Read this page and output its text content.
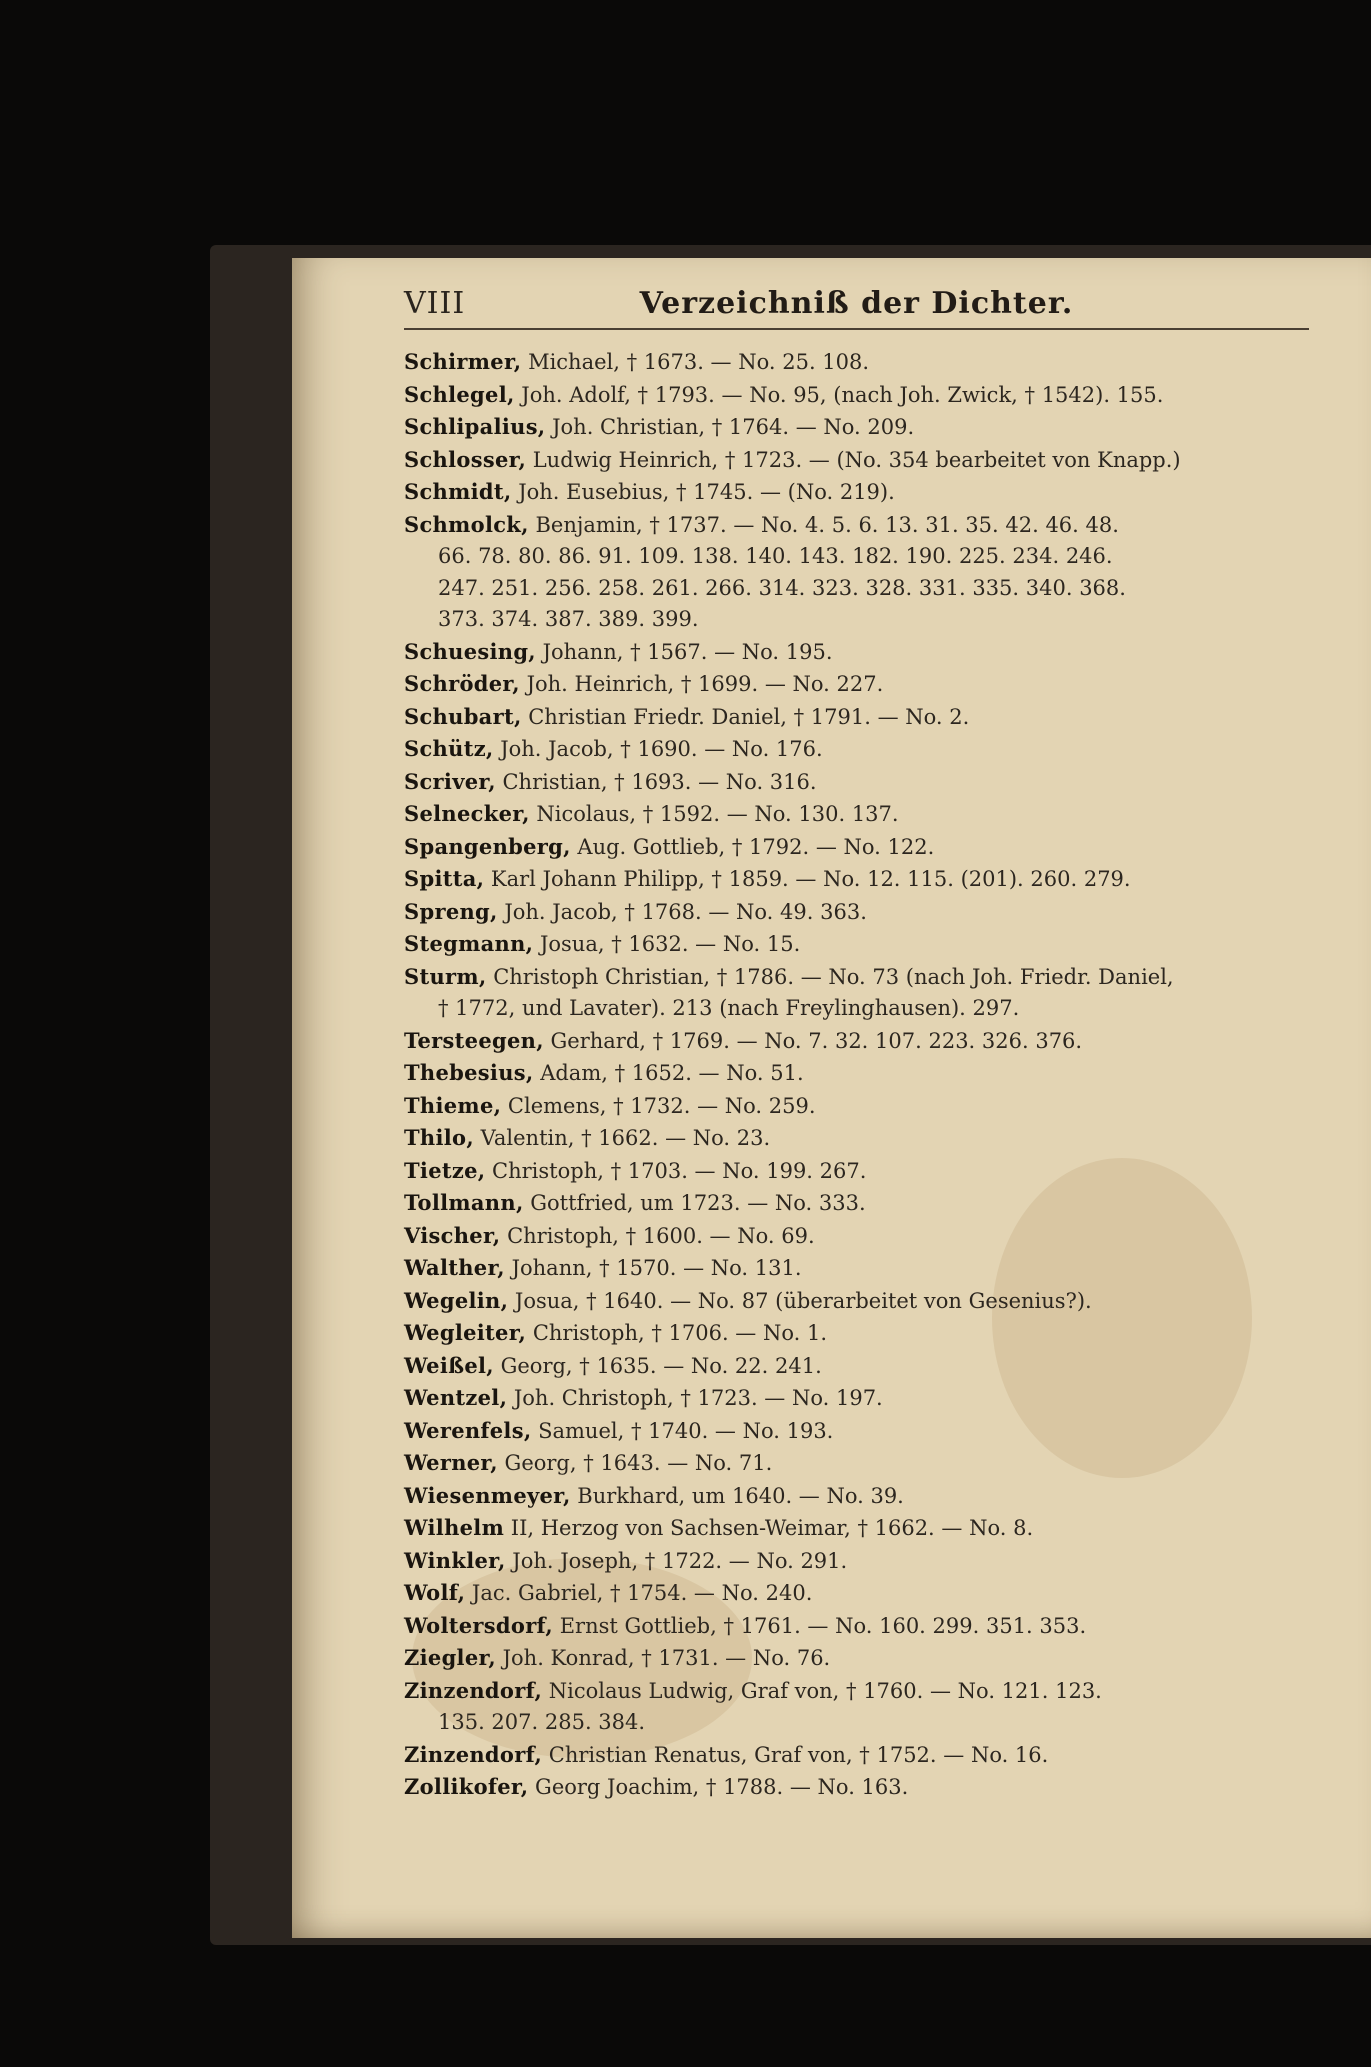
VIII	Verzeichniß der Dichter.
Schirmer, Michael, † 1673. — No. 25. 108.
Schlegel, Joh. Adolf, † 1793. — No. 95, (nach Joh. Zwick, † 1542). 155.
Schlipalius, Joh. Christian, † 1764. — No. 209.
Schlosser, Ludwig Heinrich, † 1723. — (No. 354 bearbeitet von Knapp.)
Schmidt, Joh. Eusebius, † 1745. — (No. 219).
Schmolck, Benjamin, † 1737. — No. 4. 5. 6. 13. 31. 35. 42. 46. 48.
66. 78. 80. 86. 91. 109. 138. 140. 143. 182. 190. 225. 234. 246.
247. 251. 256. 258. 261. 266. 314. 323. 328. 331. 335. 340. 368.
373. 374. 387. 389. 399.
Schuesing, Johann, † 1567. — No. 195.
Schröder, Joh. Heinrich, † 1699. — No. 227.
Schubart, Christian Friedr. Daniel, † 1791. — No. 2.
Schütz, Joh. Jacob, † 1690. — No. 176.
Scriver, Christian, † 1693. — No. 316.
Selnecker, Nicolaus, † 1592. — No. 130. 137.
Spangenberg, Aug. Gottlieb, † 1792. — No. 122.
Spitta, Karl Johann Philipp, † 1859. — No. 12. 115. (201). 260. 279.
Spreng, Joh. Jacob, † 1768. — No. 49. 363.
Stegmann, Josua, † 1632. — No. 15.
Sturm, Christoph Christian, † 1786. — No. 73 (nach Joh. Friedr. Daniel,
† 1772, und Lavater). 213 (nach Freylinghausen). 297.
Tersteegen, Gerhard, † 1769. — No. 7. 32. 107. 223. 326. 376.
Thebesius, Adam, † 1652. — No. 51.
Thieme, Clemens, † 1732. — No. 259.
Thilo, Valentin, † 1662. — No. 23.
Tietze, Christoph, † 1703. — No. 199. 267.
Tollmann, Gottfried, um 1723. — No. 333.
Vischer, Christoph, † 1600. — No. 69.
Walther, Johann, † 1570. — No. 131.
Wegelin, Josua, † 1640. — No. 87 (überarbeitet von Gesenius?).
Wegleiter, Christoph, † 1706. — No. 1.
Weißel, Georg, † 1635. — No. 22. 241.
Wentzel, Joh. Christoph, † 1723. — No. 197.
Werenfels, Samuel, † 1740. — No. 193.
Werner, Georg, † 1643. — No. 71.
Wiesenmeyer, Burkhard, um 1640. — No. 39.
Wilhelm II, Herzog von Sachsen-Weimar, † 1662. — No. 8.
Winkler, Joh. Joseph, † 1722. — No. 291.
Wolf, Jac. Gabriel, † 1754. — No. 240.
Woltersdorf, Ernst Gottlieb, † 1761. — No. 160. 299. 351. 353.
Ziegler, Joh. Konrad, † 1731. — No. 76.
Zinzendorf, Nicolaus Ludwig, Graf von, † 1760. — No. 121. 123.
135. 207. 285. 384.
Zinzendorf, Christian Renatus, Graf von, † 1752. — No. 16.
Zollikofer, Georg Joachim, † 1788. — No. 163.
